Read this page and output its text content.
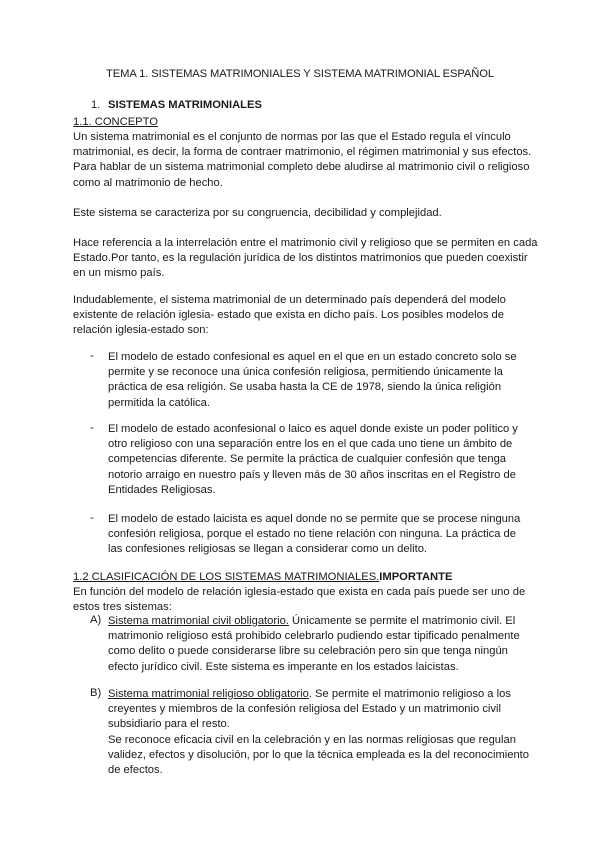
TEMA 1. SISTEMAS MATRIMONIALES Y SISTEMA MATRIMONIAL ESPAÑOL
1. SISTEMAS MATRIMONIALES
1.1. CONCEPTO
Un sistema matrimonial es el conjunto de normas por las que el Estado regula el vínculo matrimonial, es decir, la forma de contraer matrimonio, el régimen matrimonial y sus efectos. Para hablar de un sistema matrimonial completo debe aludirse al matrimonio civil o religioso como al matrimonio de hecho.
Este sistema se caracteriza por su congruencia, decibilidad y complejidad.
Hace referencia a la interrelación entre el matrimonio civil y religioso que se permiten en cada Estado.Por tanto, es la regulación jurídica de los distintos matrimonios que pueden coexistir en un mismo país.
Indudablemente, el sistema matrimonial de un determinado país dependerá del modelo existente de relación iglesia- estado que exista en dicho país. Los posibles modelos de relación iglesia-estado son:
- El modelo de estado confesional es aquel en el que en un estado concreto solo se permite y se reconoce una única confesión religiosa, permitiendo únicamente la práctica de esa religión. Se usaba hasta la CE de 1978, siendo la única religión permitida la católica.
- El modelo de estado aconfesional o laico es aquel donde existe un poder político y otro religioso con una separación entre los en el que cada uno tiene un ámbito de competencias diferente. Se permite la práctica de cualquier confesión que tenga notorio arraigo en nuestro país y lleven más de 30 años inscritas en el Registro de Entidades Religiosas.
- El modelo de estado laicista es aquel donde no se permite que se procese ninguna confesión religiosa, porque el estado no tiene relación con ninguna. La práctica de las confesiones religiosas se llegan a considerar como un delito.
1.2 CLASIFICACIÓN DE LOS SISTEMAS MATRIMONIALES.IMPORTANTE
En función del modelo de relación iglesia-estado que exista en cada país puede ser uno de estos tres sistemas:
A) Sistema matrimonial civil obligatorio. Únicamente se permite el matrimonio civil. El matrimonio religioso está prohibido celebrarlo pudiendo estar tipificado penalmente como delito o puede considerarse libre su celebración pero sin que tenga ningún efecto jurídico civil. Este sistema es imperante en los estados laicistas.
B) Sistema matrimonial religioso obligatorio. Se permite el matrimonio religioso a los creyentes y miembros de la confesión religiosa del Estado y un matrimonio civil subsidiario para el resto.
Se reconoce eficacia civil en la celebración y en las normas religiosas que regulan validez, efectos y disolución, por lo que la técnica empleada es la del reconocimiento de efectos.
